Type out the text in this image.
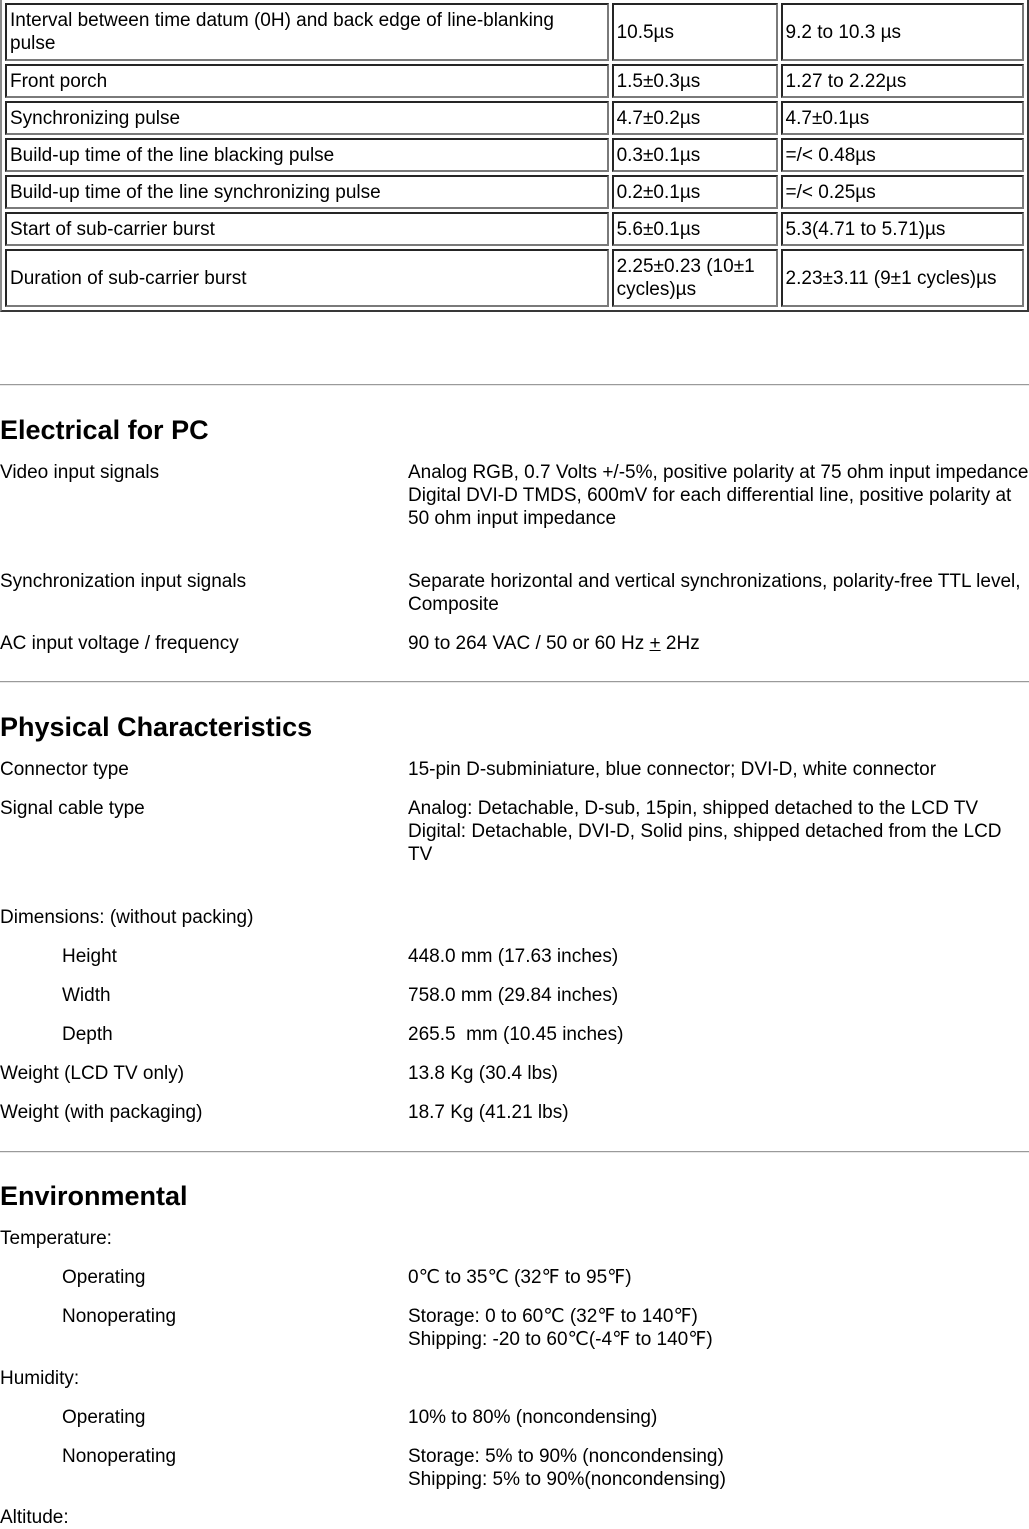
Interval between time datum (0H) and back edge of line-blanking pulse	10.5µs	9.2 to 10.3 µs
Front porch	1.5±0.3µs	1.27 to 2.22µs
Synchronizing pulse	4.7±0.2µs	4.7±0.1µs
Build-up time of the line blacking pulse	0.3±0.1µs	=/< 0.48µs
Build-up time of the line synchronizing pulse	0.2±0.1µs	=/< 0.25µs
Start of sub-carrier burst	5.6±0.1µs	5.3(4.71 to 5.71)µs
Duration of sub-carrier burst	2.25±0.23 (10±1 cycles)µs	2.23±3.11 (9±1 cycles)µs
Electrical for PC
Video input signals	Analog RGB, 0.7 Volts +/-5%, positive polarity at 75 ohm input impedance
Digital DVI-D TMDS, 600mV for each differential line, positive polarity at 50 ohm input impedance
Synchronization input signals	Separate horizontal and vertical synchronizations, polarity-free TTL level, Composite
AC input voltage / frequency	90 to 264 VAC / 50 or 60 Hz + 2Hz
Physical Characteristics
Connector type	15-pin D-subminiature, blue connector; DVI-D, white connector
Signal cable type	Analog: Detachable, D-sub, 15pin, shipped detached to the LCD TV
Digital: Detachable, DVI-D, Solid pins, shipped detached from the LCD TV
Dimensions: (without packing)
Height	448.0 mm (17.63 inches)
Width	758.0 mm (29.84 inches)
Depth	265.5  mm (10.45 inches)
Weight (LCD TV only)	13.8 Kg (30.4 lbs)
Weight (with packaging)	18.7 Kg (41.21 lbs)
Environmental
Temperature:
Operating	0℃ to 35℃ (32℉ to 95℉)
Nonoperating	Storage: 0 to 60℃ (32℉ to 140℉)
Shipping: -20 to 60℃(-4℉ to 140℉)
Humidity:
Operating	10% to 80% (noncondensing)
Nonoperating	Storage: 5% to 90% (noncondensing)
Shipping: 5% to 90%(noncondensing)
Altitude:
